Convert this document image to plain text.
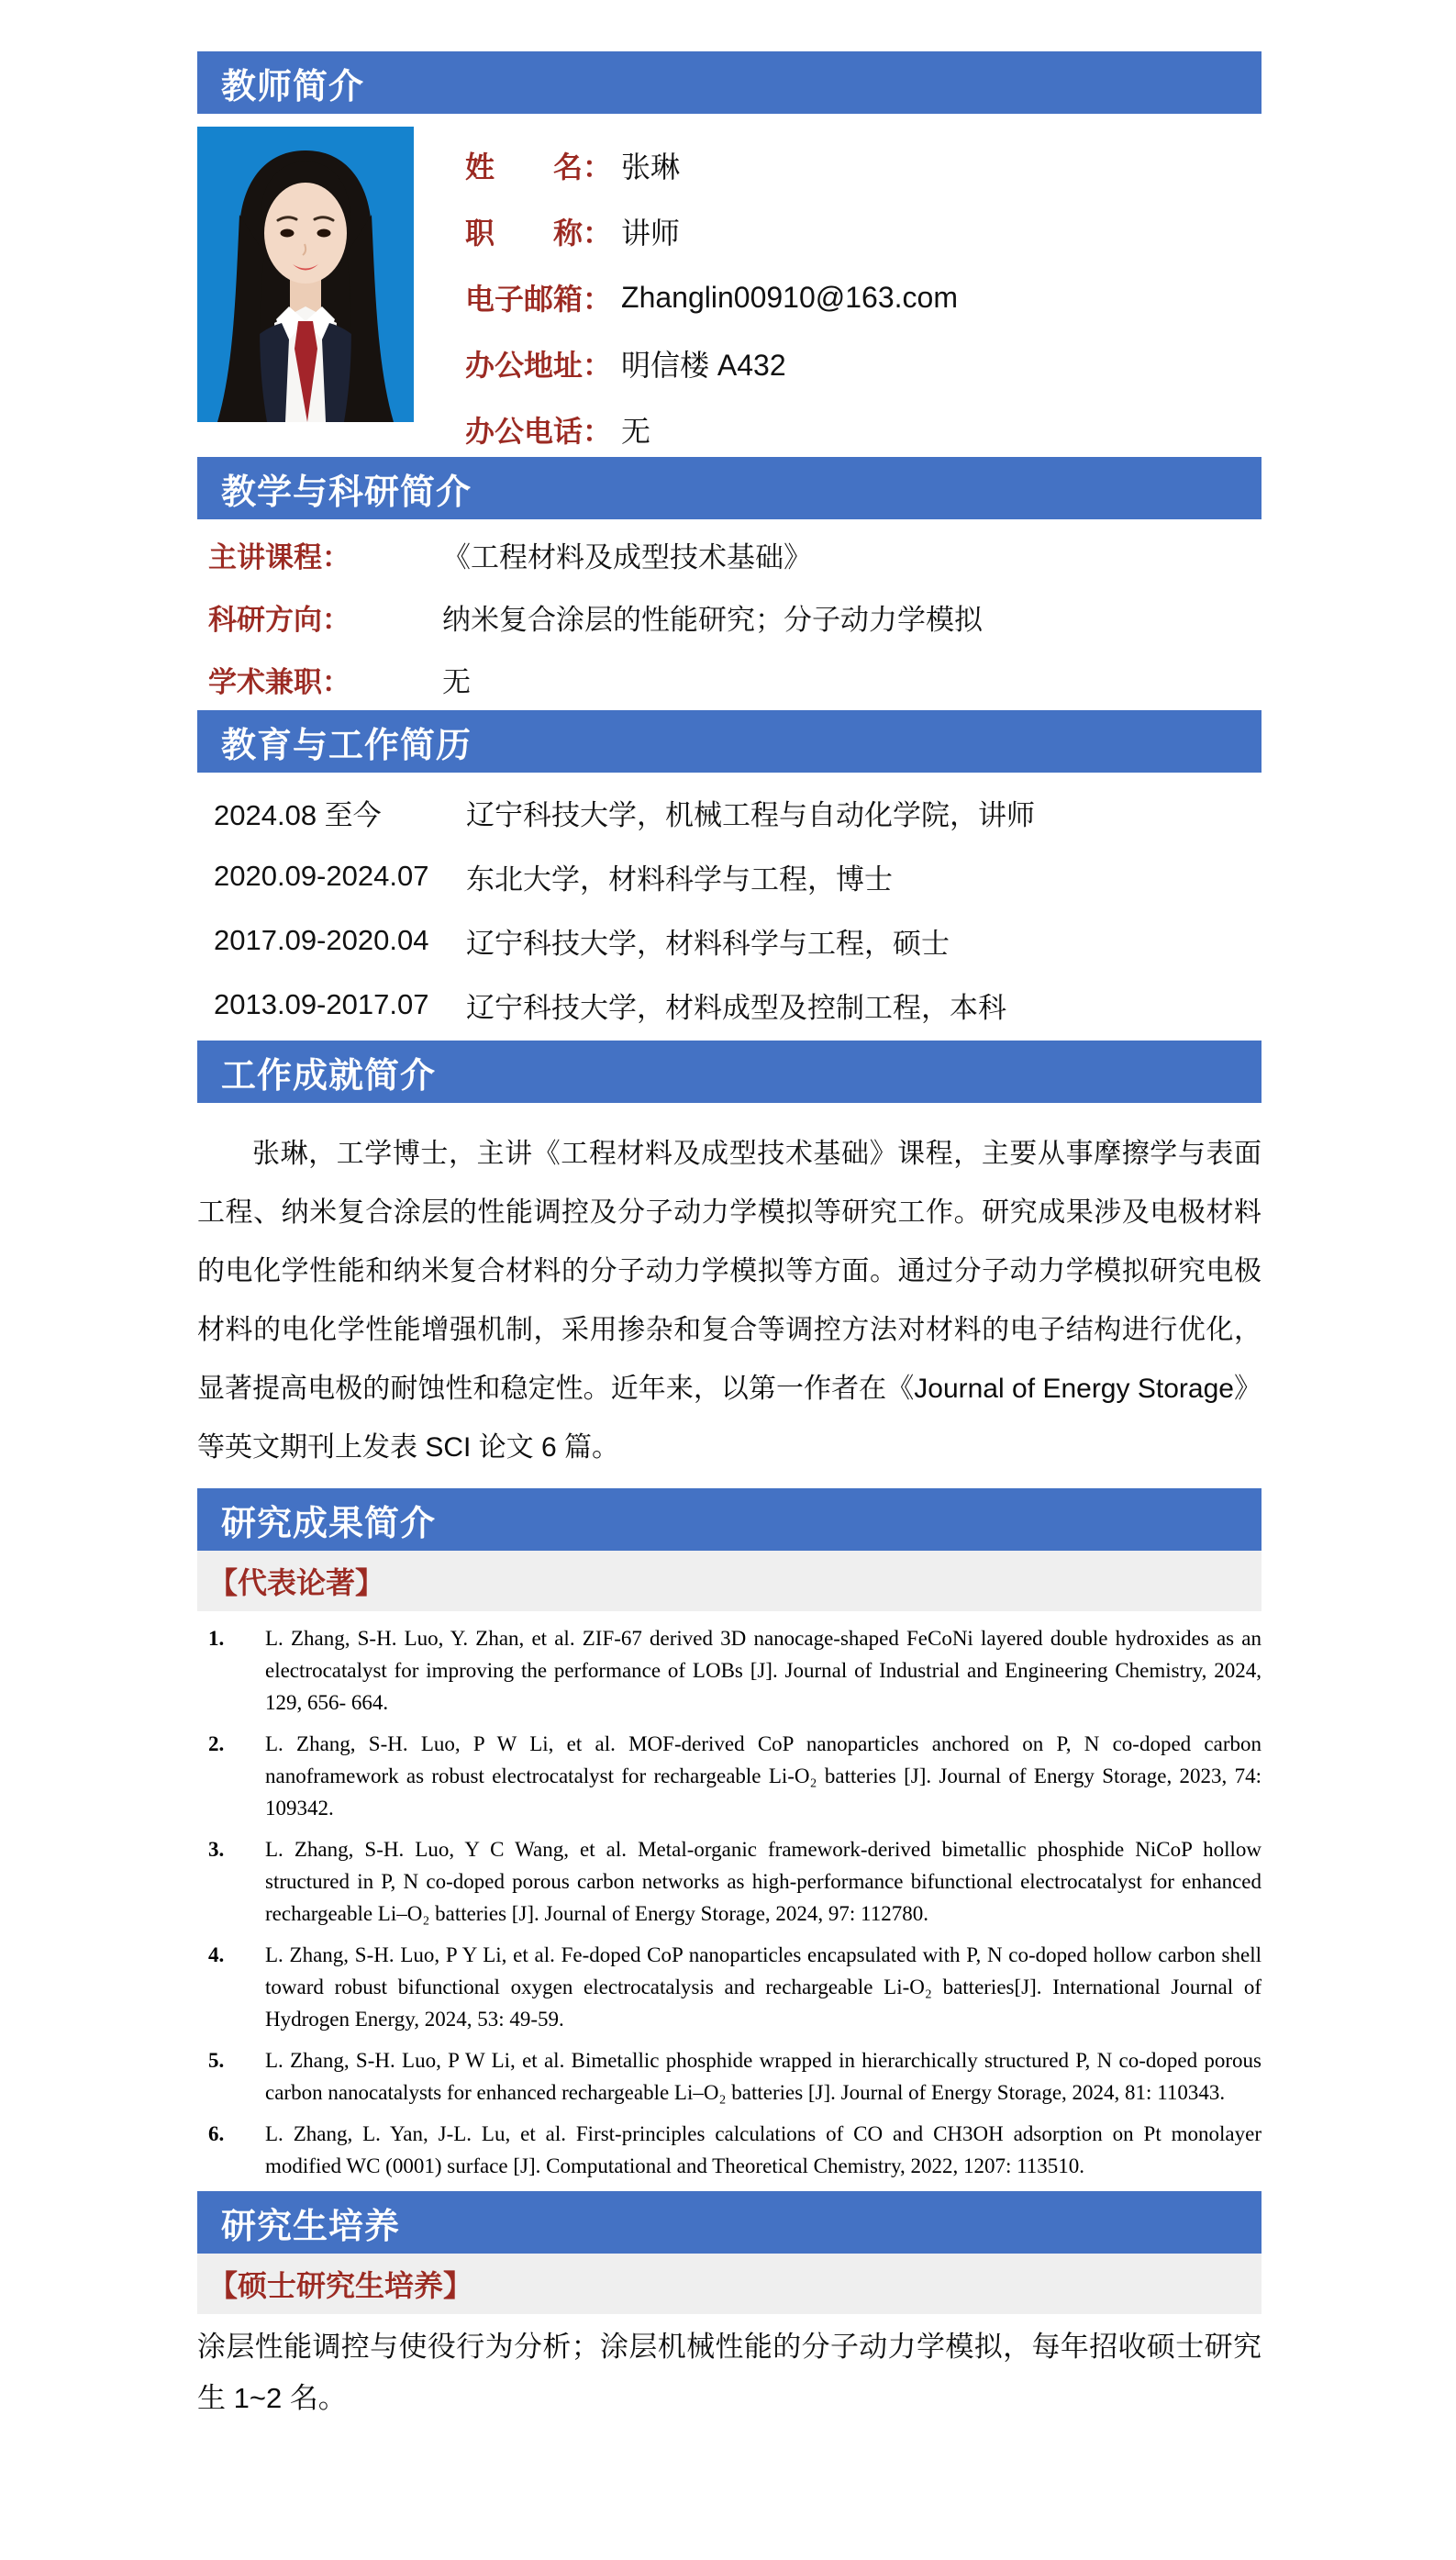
教师简介
姓　　名： 张琳
职　　称： 讲师
电子邮箱： Zhanglin00910@163.com
办公地址： 明信楼 A432
办公电话： 无
教学与科研简介
主讲课程：	《工程材料及成型技术基础》
科研方向：	纳米复合涂层的性能研究；分子动力学模拟
学术兼职：	无
教育与工作简历
2024.08 至今	辽宁科技大学，机械工程与自动化学院，讲师
2020.09-2024.07	东北大学，材料科学与工程，博士
2017.09-2020.04	辽宁科技大学，材料科学与工程，硕士
2013.09-2017.07	辽宁科技大学，材料成型及控制工程，本科
工作成就简介
张琳，工学博士，主讲《工程材料及成型技术基础》课程，主要从事摩擦学与表面工程、纳米复合涂层的性能调控及分子动力学模拟等研究工作。研究成果涉及电极材料的电化学性能和纳米复合材料的分子动力学模拟等方面。通过分子动力学模拟研究电极材料的电化学性能增强机制，采用掺杂和复合等调控方法对材料的电子结构进行优化，显著提高电极的耐蚀性和稳定性。近年来，以第一作者在《Journal of Energy Storage》等英文期刊上发表 SCI 论文 6 篇。
研究成果简介
【代表论著】
1. L. Zhang, S-H. Luo, Y. Zhan, et al. ZIF-67 derived 3D nanocage-shaped FeCoNi layered double hydroxides as an electrocatalyst for improving the performance of LOBs [J]. Journal of Industrial and Engineering Chemistry, 2024, 129, 656- 664.
2. L. Zhang, S-H. Luo, P W Li, et al. MOF-derived CoP nanoparticles anchored on P, N co-doped carbon nanoframework as robust electrocatalyst for rechargeable Li-O₂ batteries [J]. Journal of Energy Storage, 2023, 74: 109342.
3. L. Zhang, S-H. Luo, Y C Wang, et al. Metal-organic framework-derived bimetallic phosphide NiCoP hollow structured in P, N co-doped porous carbon networks as high-performance bifunctional electrocatalyst for enhanced rechargeable Li–O₂ batteries [J]. Journal of Energy Storage, 2024, 97: 112780.
4. L. Zhang, S-H. Luo, P Y Li, et al. Fe-doped CoP nanoparticles encapsulated with P, N co-doped hollow carbon shell toward robust bifunctional oxygen electrocatalysis and rechargeable Li-O₂ batteries[J]. International Journal of Hydrogen Energy, 2024, 53: 49-59.
5. L. Zhang, S-H. Luo, P W Li, et al. Bimetallic phosphide wrapped in hierarchically structured P, N co-doped porous carbon nanocatalysts for enhanced rechargeable Li–O₂ batteries [J]. Journal of Energy Storage, 2024, 81: 110343.
6. L. Zhang, L. Yan, J-L. Lu, et al. First-principles calculations of CO and CH3OH adsorption on Pt monolayer modified WC (0001) surface [J]. Computational and Theoretical Chemistry, 2022, 1207: 113510.
研究生培养
【硕士研究生培养】
涂层性能调控与使役行为分析；涂层机械性能的分子动力学模拟，每年招收硕士研究生 1~2 名。
